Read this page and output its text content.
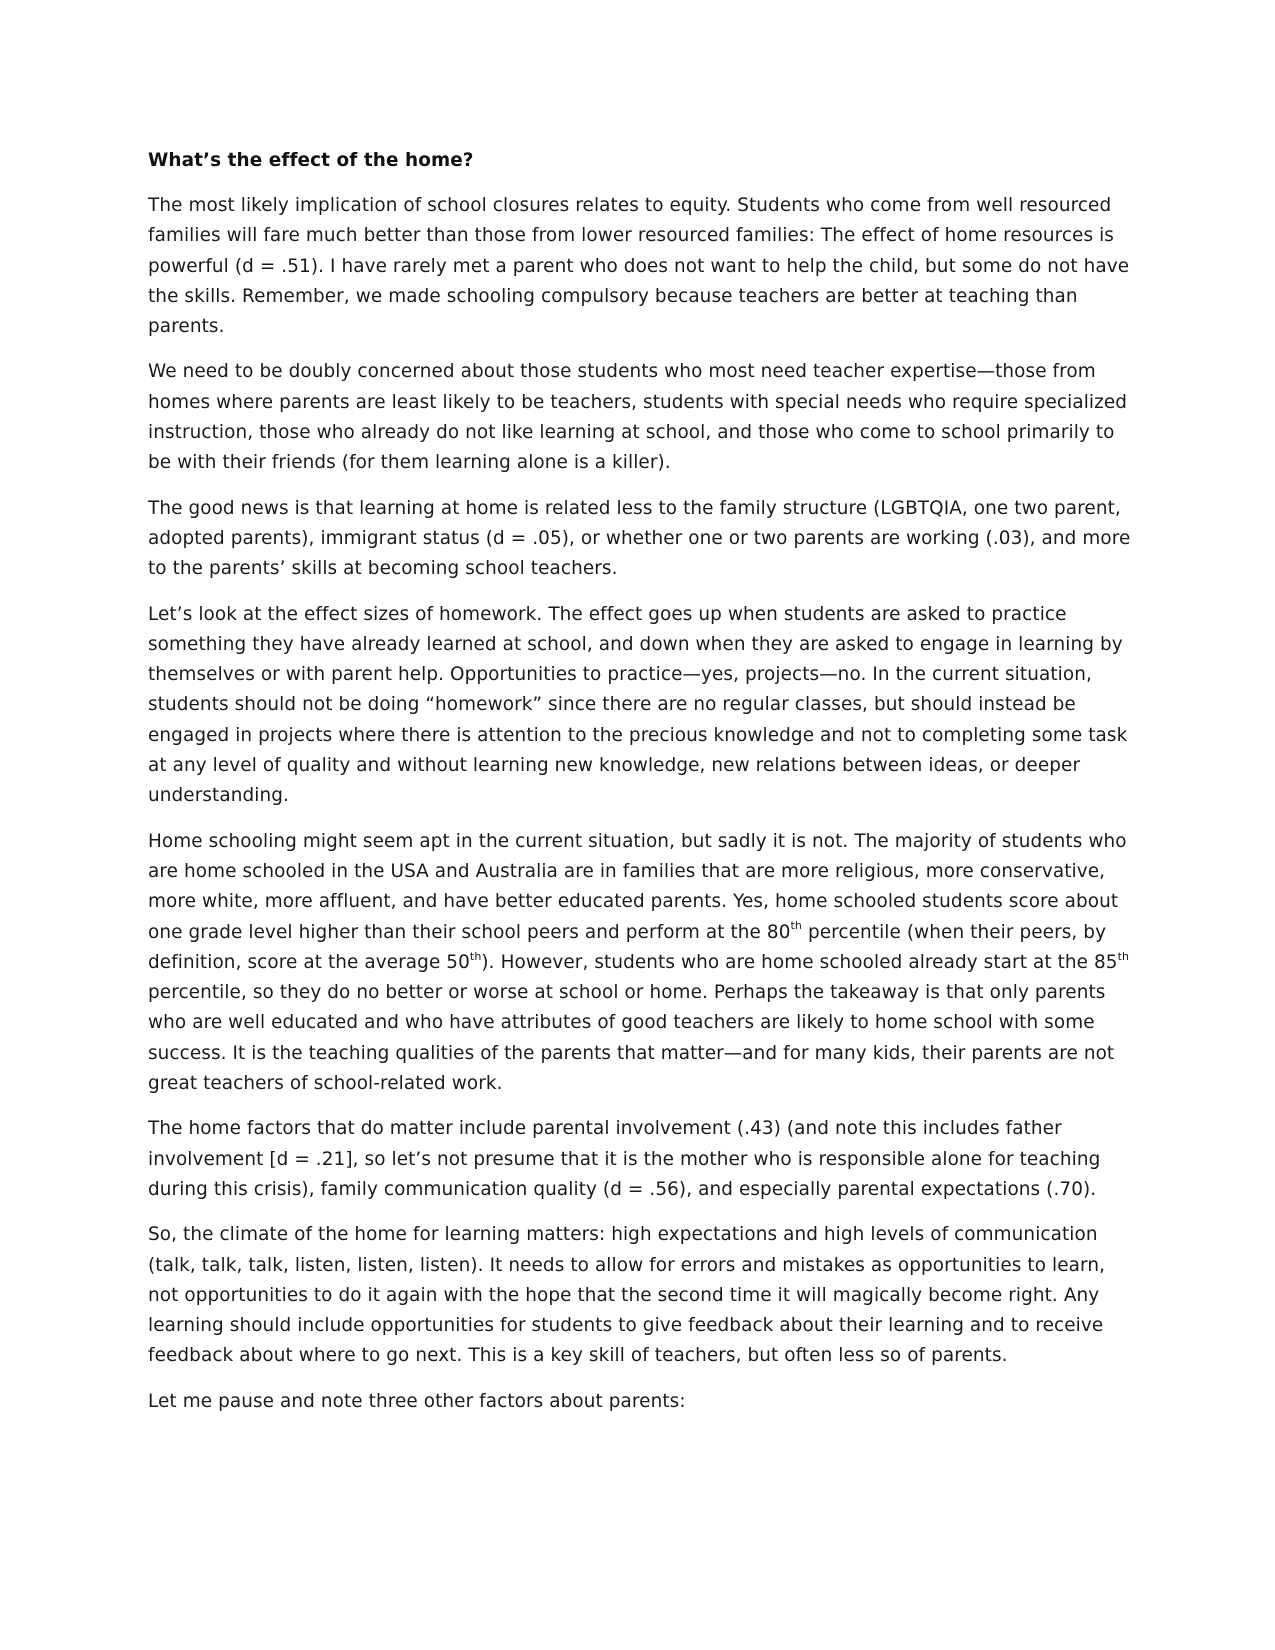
What’s the effect of the home?

The most likely implication of school closures relates to equity. Students who come from well resourced families will fare much better than those from lower resourced families: The effect of home resources is powerful (d = .51). I have rarely met a parent who does not want to help the child, but some do not have the skills. Remember, we made schooling compulsory because teachers are better at teaching than parents.

We need to be doubly concerned about those students who most need teacher expertise—those from homes where parents are least likely to be teachers, students with special needs who require specialized instruction, those who already do not like learning at school, and those who come to school primarily to be with their friends (for them learning alone is a killer).

The good news is that learning at home is related less to the family structure (LGBTQIA, one two parent, adopted parents), immigrant status (d = .05), or whether one or two parents are working (.03), and more to the parents’ skills at becoming school teachers.

Let’s look at the effect sizes of homework. The effect goes up when students are asked to practice something they have already learned at school, and down when they are asked to engage in learning by themselves or with parent help. Opportunities to practice—yes, projects—no. In the current situation, students should not be doing “homework” since there are no regular classes, but should instead be engaged in projects where there is attention to the precious knowledge and not to completing some task at any level of quality and without learning new knowledge, new relations between ideas, or deeper understanding.

Home schooling might seem apt in the current situation, but sadly it is not. The majority of students who are home schooled in the USA and Australia are in families that are more religious, more conservative, more white, more affluent, and have better educated parents. Yes, home schooled students score about one grade level higher than their school peers and perform at the 80th percentile (when their peers, by definition, score at the average 50th). However, students who are home schooled already start at the 85th percentile, so they do no better or worse at school or home. Perhaps the takeaway is that only parents who are well educated and who have attributes of good teachers are likely to home school with some success. It is the teaching qualities of the parents that matter—and for many kids, their parents are not great teachers of school-related work.

The home factors that do matter include parental involvement (.43) (and note this includes father involvement [d = .21], so let’s not presume that it is the mother who is responsible alone for teaching during this crisis), family communication quality (d = .56), and especially parental expectations (.70).

So, the climate of the home for learning matters: high expectations and high levels of communication (talk, talk, talk, listen, listen, listen). It needs to allow for errors and mistakes as opportunities to learn, not opportunities to do it again with the hope that the second time it will magically become right. Any learning should include opportunities for students to give feedback about their learning and to receive feedback about where to go next. This is a key skill of teachers, but often less so of parents.

Let me pause and note three other factors about parents:
